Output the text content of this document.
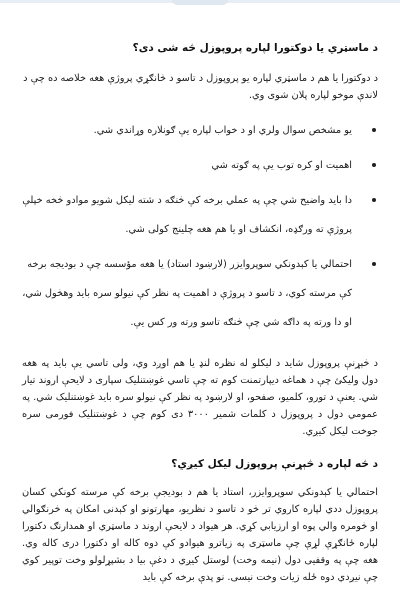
د ماسټري یا دوکتورا لپاره پروپوزل څه شی دی؟

د دوکتورا یا هم د ماسټري لپاره یو پروپوزل د تاسو د څانګړي پروژې هغه خلاصه ده چې د لاندې موخو لپاره پلان شوی وي.

یو مشخص سوال ولري او د خواب لپاره یې ګونلاره وړاندي شي.
اهمیت او کره توب یې په ګوته شي
دا باید واضیح شي چې په عملي برخه کې څنګه د شته لیکل شویو موادو څخه خپلې پروژې ته ورګډه، انکشاف او یا هم هغه چلینج کولی شي.
احتمالي یا کېدونکي سوپروایزر (لارښود استاد) یا هغه مؤسسه چې د بودیجه برخه کې مرسته کوي، د تاسو د پروژې د اهمیت په نظر کې نیولو سره باید وهڅول شي، او دا ورته په داګه شي چې څنګه تاسو ورته ور کس یې.

د څېړنې پروپوزل شاید د لیکلو له نظره لنډ یا هم اوږد وي، ولی تاسي یې باید په هغه دول ولیکئ چې د هماغه دیپارتمنت کوم ته چې تاسي غوښتنلیک سپاری د لایحې اروند تیار شي. یعنې د تورو، کلمیو، صفحو، او لارښود په نظر کې نیولو سره باید غوښتنلیک شي. په عمومي دول د پروپوزل د کلمات شمیر ۳۰۰۰ دی کوم چې د غوښتنلیک فورمی سره جوخت لیکل کیږي.

د څه لپاره د څېړنې پروپوزل لیکل کیږي؟

احتمالي یا کېدونکي سوپروایزر، استاد یا هم د بودیجې برخه کې مرسته کونکي کسان پروپوزل ددي لپاره کاروي تر څو د تاسو د نظریو، مهارتونو او کېدنی امکان په څرنګوالي او څومره والي پوه او ارزیابي کړي. هر هیواد د لایحې اروند د ماسټري او همدارنګ دکتورا لپاره ځانګړې لړې چې ماسټری په زیاترو هیوادو کې دوه کاله او دکتورا دری کاله وي. هغه چې په وقفیی دول (نیمه وخت) لوستل کیږي د دغې بیا د بشپړلولو وخت توپیر کوي چې نیږدي دوه ځله زیات وخت نیسی. نو پدې برخه کې باید
